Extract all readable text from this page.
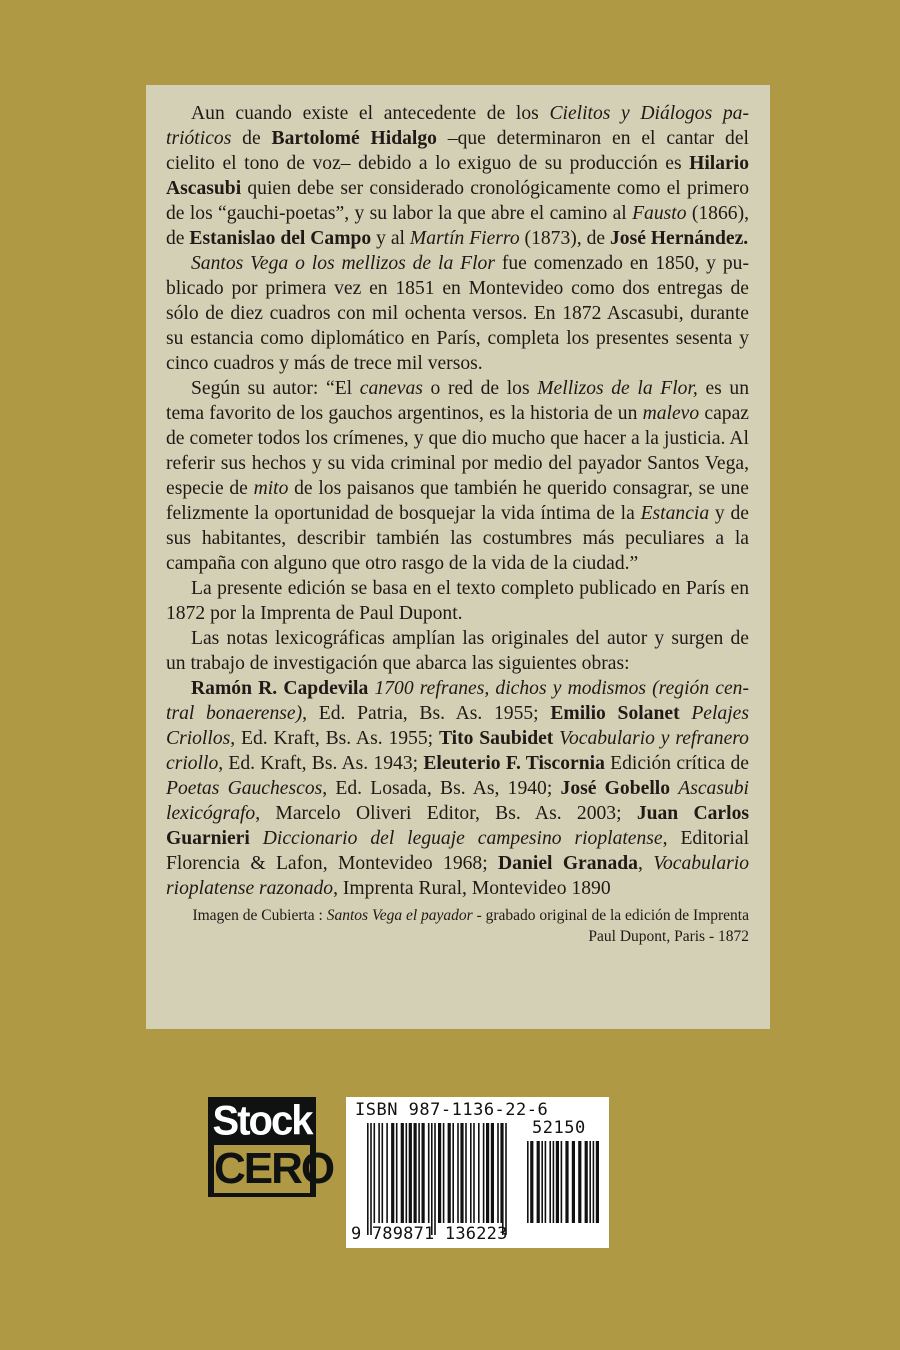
Aun cuando existe el antecedente de los Cielitos y Diálogos patrióticos de Bartolomé Hidalgo –que determinaron en el cantar del cielito el tono de voz– debido a lo exiguo de su producción es Hilario Ascasubi quien debe ser considerado cronológicamente como el primero de los “gauchi-poetas”, y su labor la que abre el camino al Fausto (1866), de Estanislao del Campo y al Martín Fierro (1873), de José Hernández.

Santos Vega o los mellizos de la Flor fue comenzado en 1850, y publicado por primera vez en 1851 en Montevideo como dos entregas de sólo de diez cuadros con mil ochenta versos. En 1872 Ascasubi, durante su estancia como diplomático en París, completa los presentes sesenta y cinco cuadros y más de trece mil versos.

Según su autor: “El canevas o red de los Mellizos de la Flor, es un tema favorito de los gauchos argentinos, es la historia de un malevo capaz de cometer todos los crímenes, y que dio mucho que hacer a la justicia. Al referir sus hechos y su vida criminal por medio del payador Santos Vega, especie de mito de los paisanos que también he querido consagrar, se une felizmente la oportunidad de bosquejar la vida íntima de la Estancia y de sus habitantes, describir también las costumbres más peculiares a la campaña con alguno que otro rasgo de la vida de la ciudad.”

La presente edición se basa en el texto completo publicado en París en 1872 por la Imprenta de Paul Dupont.

Las notas lexicográficas amplían las originales del autor y surgen de un trabajo de investigación que abarca las siguientes obras:

Ramón R. Capdevila 1700 refranes, dichos y modismos (región central bonaerense), Ed. Patria, Bs. As. 1955; Emilio Solanet Pelajes Criollos, Ed. Kraft, Bs. As. 1955; Tito Saubidet Vocabulario y refranero criollo, Ed. Kraft, Bs. As. 1943; Eleuterio F. Tiscornia Edición crítica de Poetas Gauchescos, Ed. Losada, Bs. As, 1940; José Gobello Ascasubi lexicógrafo, Marcelo Oliveri Editor, Bs. As. 2003; Juan Carlos Guarnieri Diccionario del leguaje campesino rioplatense, Editorial Florencia & Lafon, Montevideo 1968; Daniel Granada, Vocabulario rioplatense razonado, Imprenta Rural, Montevideo 1890

Imagen de Cubierta : Santos Vega el payador - grabado original de la edición de Imprenta Paul Dupont, Paris - 1872
Stock
CERO
ISBN 987-1136-22-6
52150
9 789871 136223
